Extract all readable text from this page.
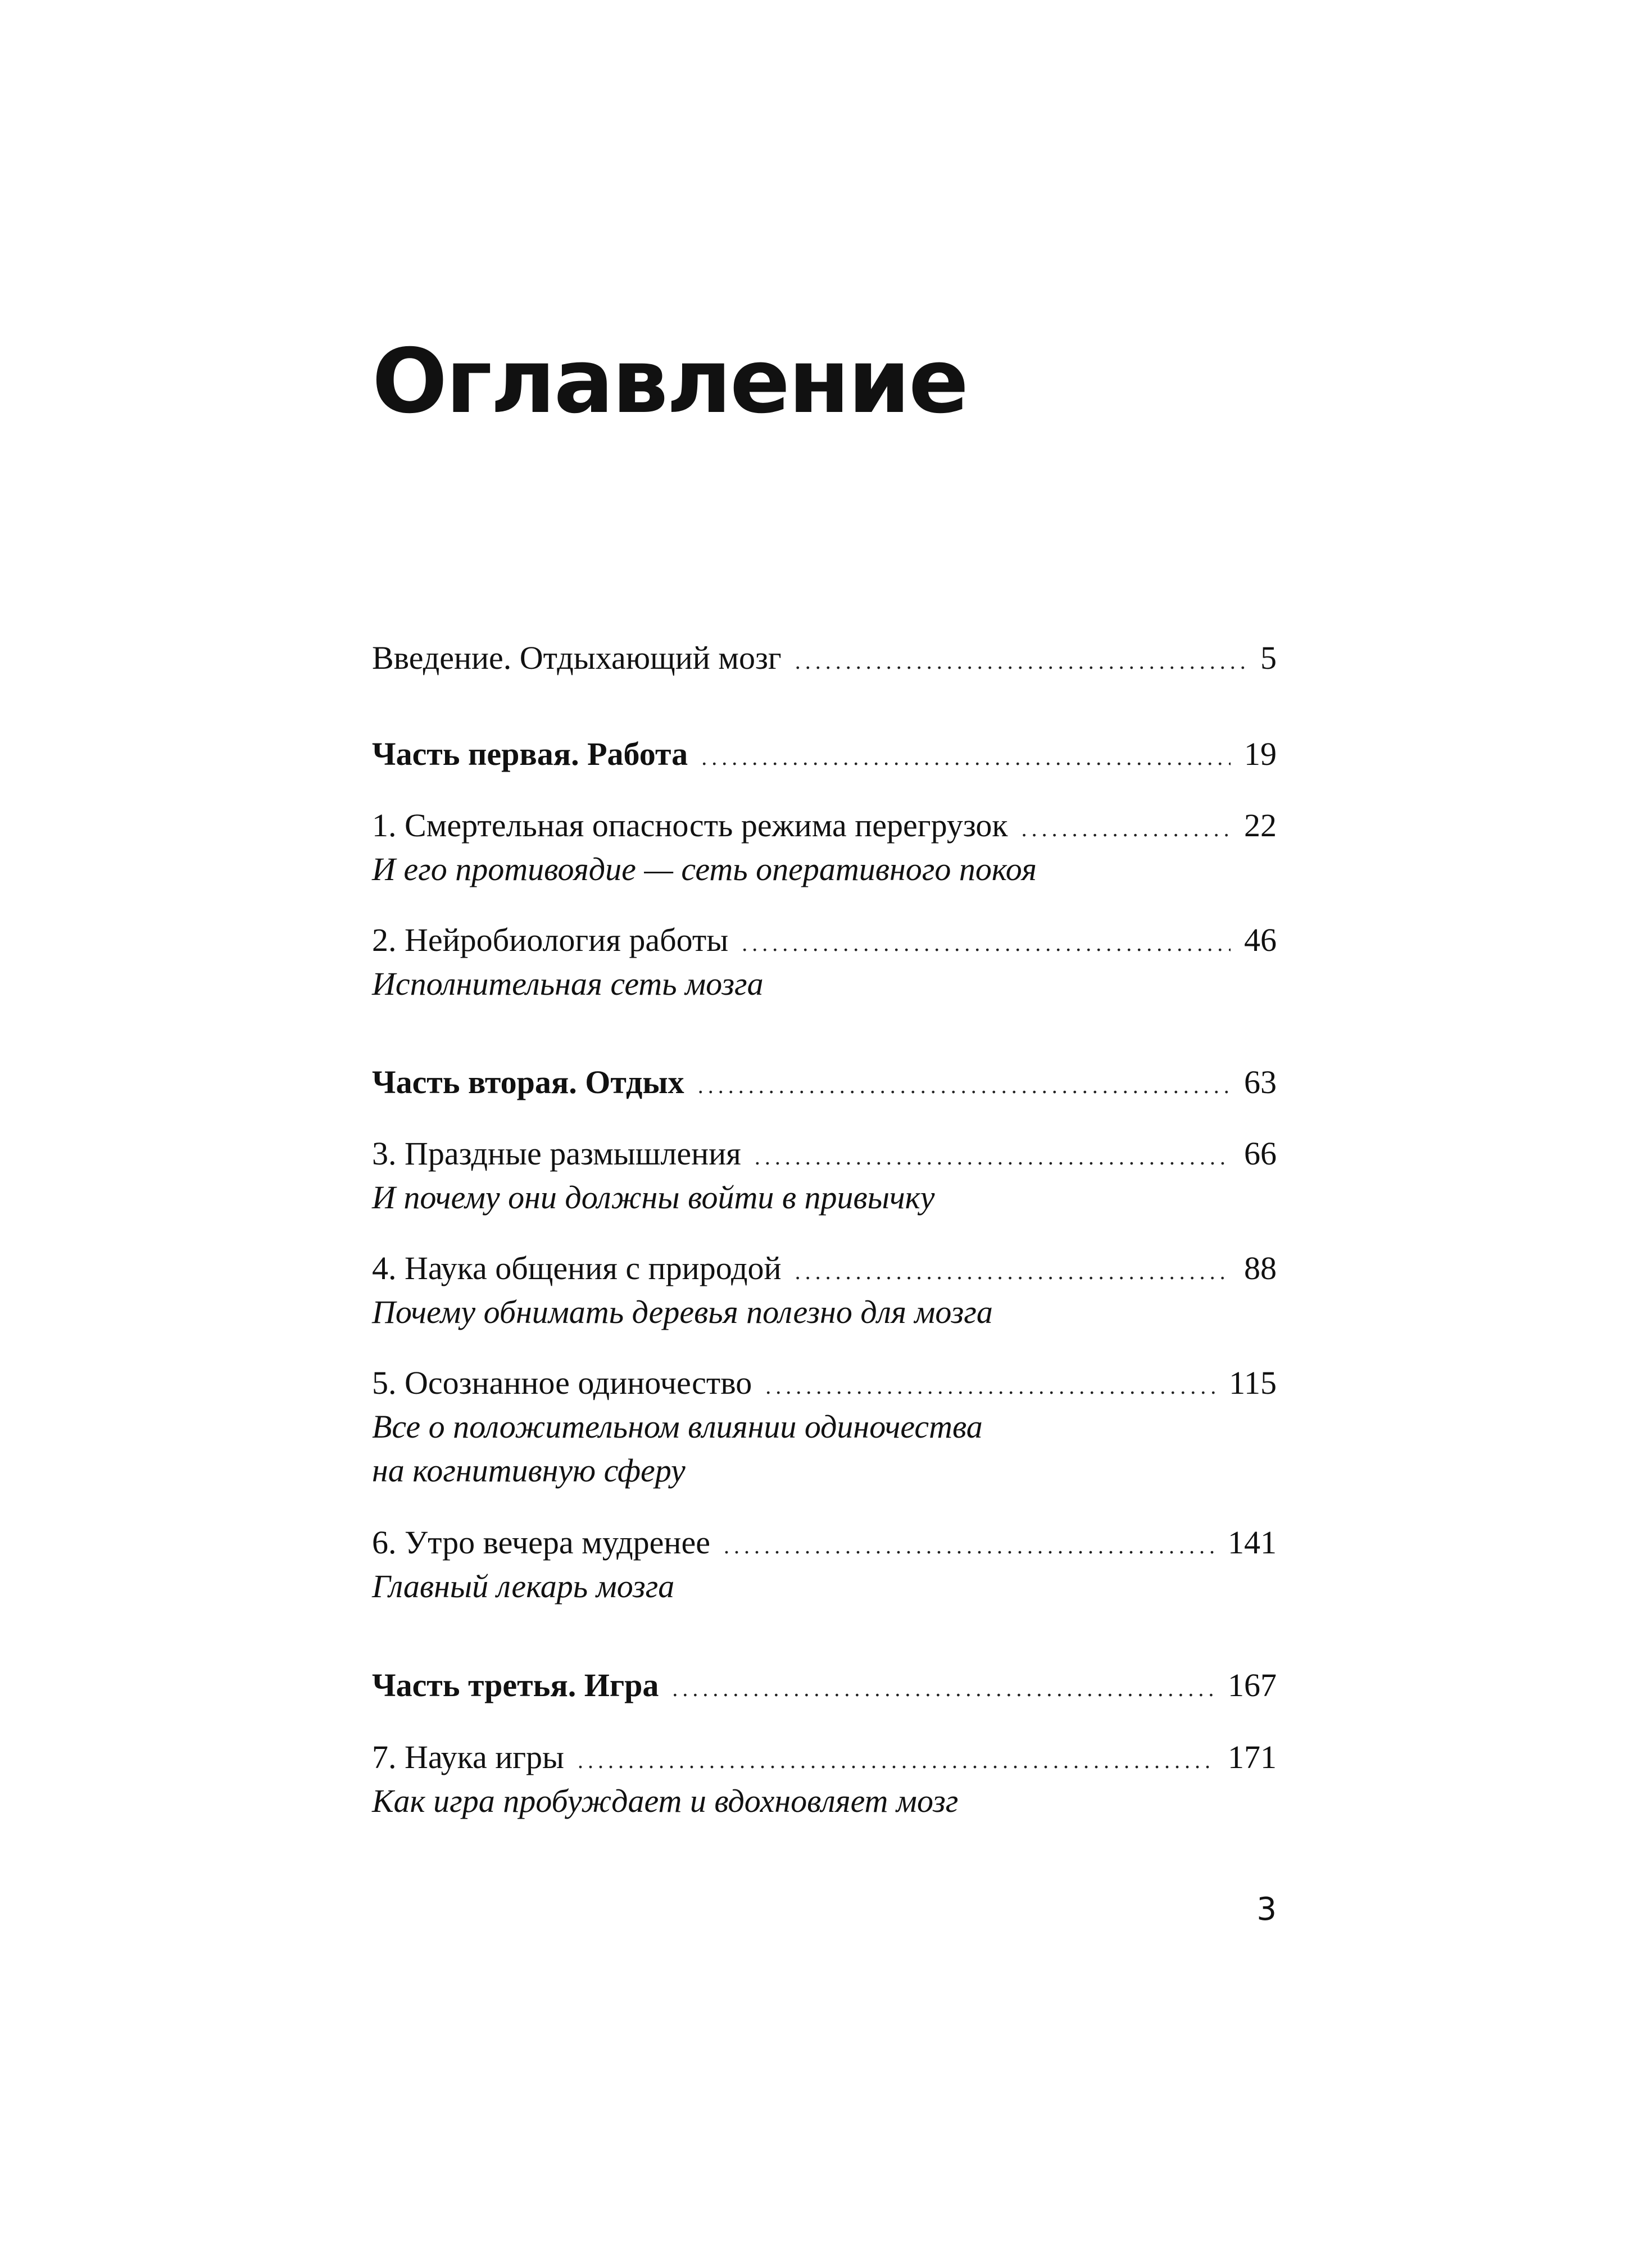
Оглавление
Введение. Отдыхающий мозг . . .	5
Часть первая. Работа . . .	19
1. Смертельная опасность режима перегрузок . . .	22
И его противоядие — сеть оперативного покоя
2. Нейробиология работы . . .	46
Исполнительная сеть мозга
Часть вторая. Отдых . . .	63
3. Праздные размышления . . .	66
И почему они должны войти в привычку
4. Наука общения с природой . . .	88
Почему обнимать деревья полезно для мозга
5. Осознанное одиночество . . .	115
Все о положительном влиянии одиночества
на когнитивную сферу
6. Утро вечера мудренее . . .	141
Главный лекарь мозга
Часть третья. Игра . . .	167
7. Наука игры . . .	171
Как игра пробуждает и вдохновляет мозг
3
